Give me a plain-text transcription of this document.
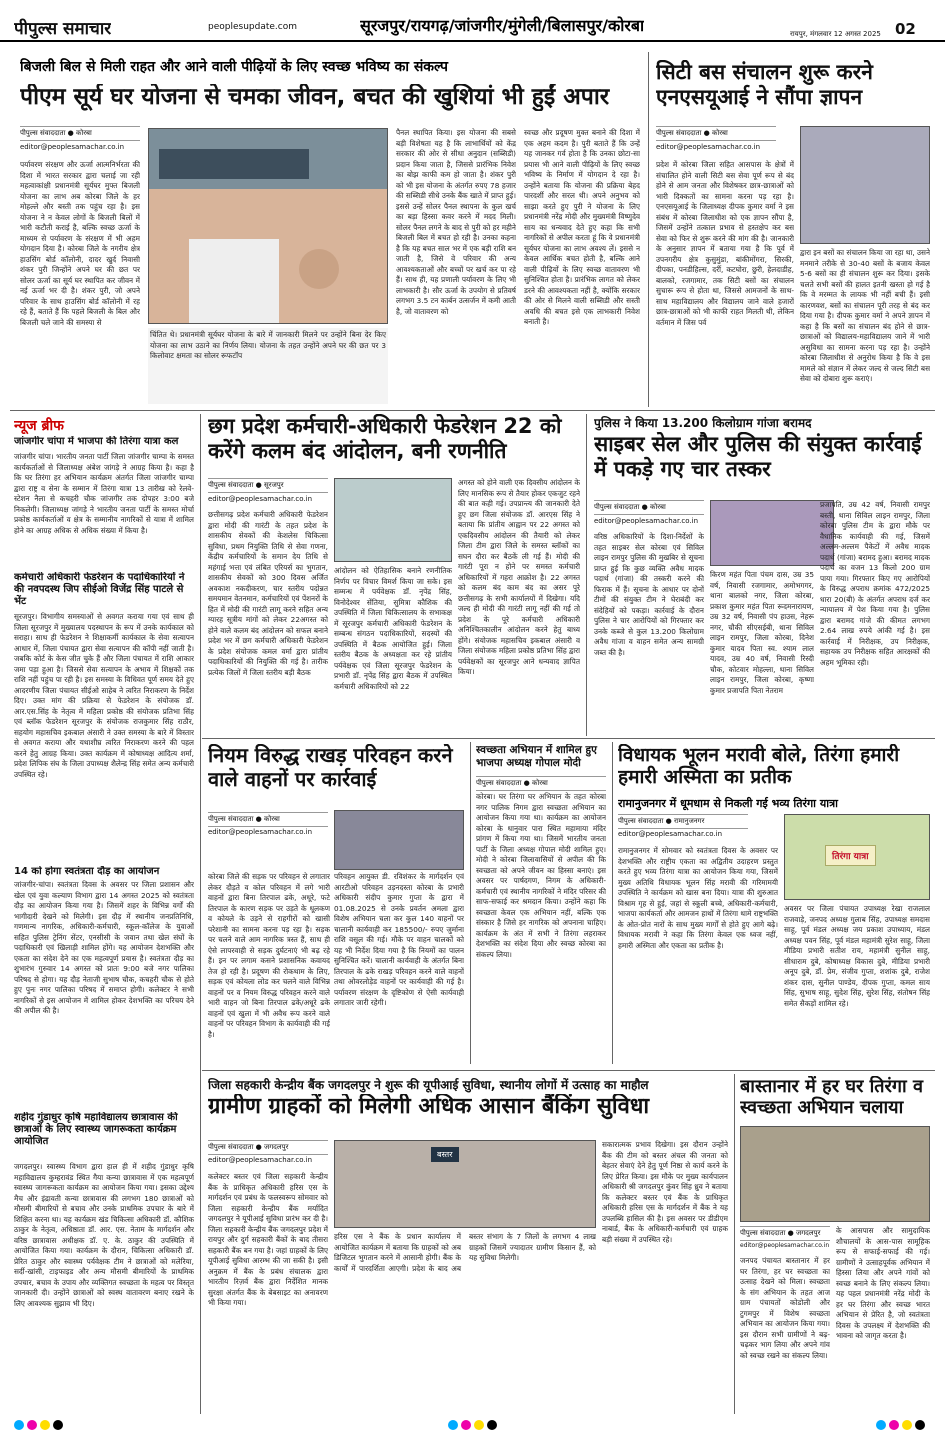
पीपुल्स समाचार	peoplesupdate.com	सूरजपुर/रायगढ़/जांजगीर/मुंगेली/बिलासपुर/कोरबा	रायपुर, मंगलवार 12 अगस्त 2025 02
बिजली बिल से मिली राहत और आने वाली पीढ़ियों के लिए स्वच्छ भविष्य का संकल्प
पीएम सूर्य घर योजना से चमका जीवन, बचत की खुशियां भी हुईं अपार
पीपुल्स संवाददाता ● कोरबा
editor@peoplesamachar.co.in
पर्यावरण संरक्षण और ऊर्जा आत्मनिर्भरता की दिशा में भारत सरकार द्वारा चलाई जा रही महत्वाकांक्षी प्रधानमंत्री सूर्यघर मुफ्त बिजली योजना का लाभ अब कोरबा जिले के हर मोहल्ले और बस्ती तक पहुंच रहा है। इस योजना ने न केवल लोगों के बिजली बिलों में भारी कटौती कराई है, बल्कि स्वच्छ ऊर्जा के माध्यम से पर्यावरण के संरक्षण में भी अहम योगदान दिया है। कोरबा जिले के नगरीय क्षेत्र हाउसिंग बोर्ड कॉलोनी, दादर खुर्द निवासी शंकर पुरी जिन्होंने अपने घर की छत पर सोलर ऊर्जा का सूर्य घर स्थापित कर जीवन में नई ऊर्जा भर दी है। शंकर पुरी, जो अपने परिवार के साथ हाउसिंग बोर्ड कॉलोनी में रह रहे हैं, बताते हैं कि पहले बिजली के बिल और बिजली चले जाने की समस्या से
चिंतित थे। प्रधानमंत्री सूर्यघर योजना के बारे में जानकारी मिलने पर उन्होंने बिना देर किए योजना का लाभ उठाने का निर्णय लिया। योजना के तहत उन्होंने अपने घर की छत पर 3 किलोवाट क्षमता का सोलर रूफटॉप
पैनल स्थापित किया। इस योजना की सबसे बड़ी विशेषता यह है कि लाभार्थियों को केंद्र सरकार की ओर से सीधा अनुदान (सब्सिडी) प्रदान किया जाता है, जिससे प्रारंभिक निवेश का बोझ काफी कम हो जाता है। शंकर पुरी को भी इस योजना के अंतर्गत रुपए 78 हजार की सब्सिडी सीधे उनके बैंक खाते में प्राप्त हुई। इससे उन्हें सोलर पैनल स्थापना के कुल खर्च का बड़ा हिस्सा कवर करने में मदद मिली। सोलर पैनल लगने के बाद से पुरी को हर महीने बिजली बिल में बचत हो रही है। उनका कहना है कि यह बचत साल भर में एक बड़ी राशि बन जाती है, जिसे वे परिवार की अन्य आवश्यकताओं और बच्चों पर खर्च कर पा रहे हैं। साथ ही, यह प्रणाली पर्यावरण के लिए भी लाभकारी है। सौर ऊर्जा के उपयोग से प्रतिवर्ष लगभग 3.5 टन कार्बन उत्सर्जन में कमी आती है, जो वातावरण को
स्वच्छ और प्रदूषण मुक्त बनाने की दिशा में एक अहम कदम है। पुरी बताते हैं कि उन्हें यह जानकर गर्व होता है कि उनका छोटा-सा प्रयास भी आने वाली पीढ़ियों के लिए स्वच्छ भविष्य के निर्माण में योगदान दे रहा है। उन्होंने बताया कि योजना की प्रक्रिया बेहद पारदर्शी और सरल थी। अपने अनुभव को साझा करते हुए पुरी ने योजना के लिए प्रधानमंत्री नरेंद्र मोदी और मुख्यमंत्री विष्णुदेव साय का धन्यवाद देते हुए कहा कि सभी नागरिकों से अपील करता हूं कि वे प्रधानमंत्री सूर्यघर योजना का लाभ अवश्य लें। इससे न केवल आर्थिक बचत होती है, बल्कि आने वाली पीढ़ियों के लिए स्वच्छ वातावरण भी सुनिश्चित होता है। प्रारंभिक लागत को लेकर डरने की आवश्यकता नहीं है, क्योंकि सरकार की ओर से मिलने वाली सब्सिडी और सस्ती अवधि की बचत इसे एक लाभकारी निवेश बनाती है।
सिटी बस संचालन शुरू करने एनएसयूआई ने सौंपा ज्ञापन
पीपुल्स संवाददाता ● कोरबा
editor@peoplesamachar.co.in
प्रदेश में कोरबा जिला सहित आसपास के क्षेत्रों में संचालित होने वाली सिटी बस सेवा पूर्ण रूप से बंद होने से आम जनता और विशेषकर छात्र-छात्राओं को भारी दिक्कतों का सामना करना पड़ रहा है। एनएसयूआई के जिलाध्यक्ष दीपक कुमार वर्मा ने इस संबंध में कोरबा जिलाधीश को एक ज्ञापन सौंपा है, जिसमें उन्होंने तत्काल प्रभाव से हस्तक्षेप कर बस सेवा को फिर से शुरू करने की मांग की है। जानकारी के अनुसार ज्ञापन में बताया गया है कि पूर्व में उपनगरीय क्षेत्र कुसुमुंडा, बांकीमोंगरा, सिरकी, दीपका, पनडीहिल्स, दर्री, कटघोरा, छुरी, हेलदाडीह, बालको, रजगामार, तक सिटी बसों का संचालन सुचारू रूप से होता था, जिससे आमजनों के साथ-साथ महाविद्यालय और विद्यालय जाने वाले हजारों छात्र-छात्राओं को भी काफी राहत मिलती थी, लेकिन वर्तमान में जिस पर्व
द्वारा इन बसों का संचालन किया जा रहा था, उसने मनमाने तरीके से 30-40 बसों के बजाय केवल 5-6 बसों का ही संचालन शुरू कर दिया। इसके चलते सभी बसों की हालत इतनी खस्ता हो गई है कि वे मरम्मत के लायक भी नहीं बची हैं। इसी कारणवश, बसों का संचालन पूरी तरह से बंद कर दिया गया है। दीपक कुमार वर्मा ने अपने ज्ञापन में कहा है कि बसों का संचालन बंद होने से छात्र-छात्राओं को विद्यालय-महाविद्यालय जाने में भारी असुविधा का सामना करना पड़ रहा है। उन्होंने कोरबा जिलाधीश से अनुरोध किया है कि वे इस मामले को संज्ञान में लेकर जल्द से जल्द सिटी बस सेवा को दोबारा शुरू कराएं।
न्यूज ब्रीफ
जांजगीर चांपा में भाजपा की तिरंगा यात्रा कल
जांजगीर चांपा। भारतीय जनता पार्टी जिला जांजगीर चाम्पा के समस्त कार्यकर्ताओं से जिलाध्यक्ष अंबेश जांगड़े ने आग्रह किया है। कहा है कि घर तिरंगा हर अभियान कार्यक्रम अंतर्गत जिला जांजगीर चाम्पा द्वारा राष्ट्र व सेना के सम्मान में तिरंगा यात्रा 13 तारीख को रेलवे-स्टेशन नैला से कचहरी चौक जांजगीर तक दोपहर 3:00 बजे निकलेगी। जिलाध्यक्ष जांगड़े ने भारतीय जनता पार्टी के समस्त मोर्चा प्रकोष्ठ कार्यकर्ताओं व क्षेत्र के सम्मानीय नागरिकों से यात्रा में शामिल होने का आग्रह अधिक से अधिक संख्या में किया है।
कर्मचारी अधिकारी फेडरेशन के पदाधिकारियों ने की नवपदस्थ जिप सीईओ विजेंद्र सिंह पाटले से भेंट
सूरजपुर। विभागीय समस्याओं से अवगत कराया गया एवं साथ ही जिला सूरजपुर में मुख्यालय पदस्थापन के रूप में उनके कार्यकाल को सराहा। साथ ही फेडरेशन ने शिक्षाकर्मी कार्यकाल के सेवा सत्यापन आधार में, जिला पंचायत द्वारा सेवा सत्यापन की कॉपी नहीं जाती है। जबकि कोर्ट के केस जीत चुके हैं और जिला पंचायत में राशि आकार जमा पड़ा हुआ है। जिससे सेवा सत्यापन के अभाव में शिक्षकों तक राशि नहीं पहुंच पा रही है। इस समस्या के विधिवत पूर्ण समय देते हुए आदरणीय जिला पंचायत सीईओ साहेब ने त्वरित निराकरण के निर्देश दिए। उक्त मांग की प्रक्रिया से फेडरेशन के संयोजक डॉ. आर.एस.सिंह के नेतृत्व में महिला प्रकोष्ठ की संयोजक प्रतिभा सिंह एवं ब्लॉक फेडरेशन सूरजपुर के संयोजक राजकुमार सिंह राठौर, सहयोग महासचिव इकबाल अंसारी ने उक्त समस्या के बारे में विस्तार से अवगत कराया और यथाशीघ्र त्वरित निराकरण करने की पहल करने हेतु आग्रह किया। उक्त कार्यक्रम में कोषाध्यक्ष आदित्य शर्मा, प्रदेश लिपिक संघ के जिला उपाध्यक्ष शैलेन्द्र सिंह समेत अन्य कर्मचारी उपस्थित रहे।
14 को होगा स्वतंत्रता दौड़ का आयोजन
जांजगीर-चांपा। स्वतंत्रता दिवस के अवसर पर जिला प्रशासन और खेल एवं युवा कल्याण विभाग द्वारा 14 अगस्त 2025 को स्वतंत्रता दौड़ का आयोजन किया गया है। जिसमें शहर के विभिन्न वर्गों की भागीदारी देखने को मिलेगी। इस दौड़ में स्थानीय जनप्रतिनिधि, गणमान्य नागरिक, अधिकारी-कर्मचारी, स्कूल-कॉलेज के युवाओं सहित पुलिस ट्रेनिंग सेंटर, एनसीसी के जवान तथा खेल संघों के पदाधिकारी एवं खिलाड़ी शामिल होंगे। यह आयोजन देशभक्ति और एकता का संदेश देने का एक महत्वपूर्ण प्रयास है। स्वतंत्रता दौड़ का शुभारंभ गुरुवार 14 अगस्त को प्रातः 9:00 बजे नगर पालिका परिषद से होगा। यह दौड़ नेताजी सुभाष चौक, कचहरी चौक से होते हुए पुनः नगर पालिका परिषद में समाप्त होगी। कलेक्टर ने सभी नागरिकों से इस आयोजन में शामिल होकर देशभक्ति का परिचय देने की अपील की है।
शहीद गुंडाधुर कृषि महाविद्यालय छात्रावास की छात्राओं के लिए स्वास्थ्य जागरूकता कार्यक्रम आयोजित
जगदलपुर। स्वास्थ्य विभाग द्वारा हाल ही में शहीद गुंडाधुर कृषि महाविद्यालय कुम्हरावंड स्थित गैया कन्या छात्रावास में एक महत्वपूर्ण स्वास्थ्य जागरूकता कार्यक्रम का आयोजन किया गया। इसका उद्देश्य मैच और इंद्रावती कन्या छात्रावास की लगभग 180 छात्राओं को मौसमी बीमारियों से बचाव और उनके प्राथमिक उपचार के बारे में शिक्षित करना था। यह कार्यक्रम खंड चिकित्सा अधिकारी डॉ. कौशिक ठाकुर के नेतृत्व, अधिष्ठाता डॉ. आर. एस. नेताम के मार्गदर्शन और वरिष्ठ छात्रावास अधीक्षक डॉ. ए. के. ठाकुर की उपस्थिति में आयोजित किया गया। कार्यक्रम के दौरान, चिकित्सा अधिकारी डॉ. प्रेरित ठाकुर और स्वास्थ्य पर्यवेक्षक टीम ने छात्राओं को मलेरिया, सर्दी-खांसी, टाइफाइड और अन्य मौसमी बीमारियों के प्राथमिक उपचार, बचाव के उपाय और व्यक्तिगत स्वच्छता के महत्व पर विस्तृत जानकारी दी। उन्होंने छात्राओं को स्वस्थ वातावरण बनाए रखने के लिए आवश्यक सुझाव भी दिए।
छग प्रदेश कर्मचारी-अधिकारी फेडरेशन 22 को करेंगे कलम बंद आंदोलन, बनी रणनीति
पीपुल्स संवाददाता ● सूरजपुर
editor@peoplesamachar.co.in
छत्तीसगढ़ प्रदेश कर्मचारी अधिकारी फेडरेशन द्वारा मोदी की गारंटी के तहत प्रदेश के शासकीय सेवकों की केशलेस चिकित्सा सुविधा, प्रथम नियुक्ति तिथि से सेवा गणना, केंद्रीय कर्मचारियों के समान देय तिथि से महंगाई भत्ता एवं लंबित एरियर्स का भुगतान, शासकीय सेवकों को 300 दिवस अर्जित अवकाश नकदीकरण, चार स्तरीय पदोन्नत समयमान वेतनमान, कर्मचारियों एवं पेंशनरों के हित में मोदी की गारंटी लागू करने सहित अन्य ग्यारह सूत्रीय मांगों को लेकर 22अगस्त को होने वाले कलम बंद आंदोलन को सफल बनाने प्रदेश भर में छग कर्मचारी अधिकारी फेडरेशन के प्रदेश संयोजक कमल वर्मा द्वारा प्रांतीय पदाधिकारियों की नियुक्ति की गई है। तारीक प्रत्येक जिलों में जिला स्तरीय बड़ी बैठक
आंदोलन को ऐतिहासिक बनाने रणनीतिक निर्णय पर विचार विमर्श किया जा सके। इस सम्मन्ध में पर्यवेक्षक डॉ. नृपेंद्र सिंह, विनोदेश्वर सेंतिया, सुमित्रा कौशिक की उपस्थिति में जिला चिकित्सालय के सभाकक्ष में सूरजपुर कर्मचारी अधिकारी फेडरेशन के सम्बन्ध संगठन पदाधिकारियों, सदस्यों की उपस्थिति में बैठक आयोजित हुई। जिला स्तरीय बैठक के अध्यक्षता कर रहे प्रांतीय पर्यवेक्षक एवं जिला सूरजपुर फेडरेशन के प्रभारी डॉ. नृपेंद्र सिंह द्वारा बैठक में उपस्थित कर्मचारी अधिकारियों को 22
अगस्त को होने वाली एक दिवसीय आंदोलन के लिए मानसिक रूप से तैयार होकर एकजुट रहने की बात कही गई। उपप्रान्त्य की जानकारी देते हुए छग जिला संयोजक डॉ. आरएस सिंह ने बताया कि प्रांतीय आह्वान पर 22 अगस्त को एकदिवसीय आंदोलन की तैयारी को लेकर जिला टीम द्वारा जिले के समस्त ब्लॉकों का सघन दौरा कर बैठकें ली गई हैं। मोदी की गारंटी पूरा न होने पर समस्त कर्मचारी अधिकारियों में गहरा आक्रोश है। 22 अगस्त को कलम बंद काम बंद का असर पूरे छत्तीसगढ़ के सभी कार्यालयों में दिखेगा। यदि जल्द ही मोदी की गारंटी लागू नहीं की गई तो प्रदेश के पूरे कर्मचारी अधिकारी अनिश्चितकालीन आंदोलन करने हेतु बाध्य होंगे। संयोजक महासचिव इकबाल अंसारी व जिला संयोजक महिला प्रकोष्ठ प्रतिभा सिंह द्वारा पर्यवेक्षकों का सूरजपुर आने धन्यवाद ज्ञापित किया।
पुलिस ने किया 13.200 किलोग्राम गांजा बरामद
साइबर सेल और पुलिस की संयुक्त कार्रवाई में पकड़े गए चार तस्कर
पीपुल्स संवाददाता ● कोरबा
editor@peoplesamachar.co.in
वरिष्ठ अधिकारियों के दिशा-निर्देशों के तहत साइबर सेल कोरबा एवं सिविल लाइन रामपुर पुलिस की मुखबिर से सूचना प्राप्त हुई कि कुछ व्यक्ति अवैध मादक पदार्थ (गांजा) की तस्करी करने की फिराक में हैं। सूचना के आधार पर दोनों टीमों की संयुक्त टीम ने घेराबंदी कर संदेहियों को पकड़ा। कार्रवाई के दौरान पुलिस ने चार आरोपियों को गिरफ्तार कर उनके कब्जे से कुल 13.200 किलोग्राम अवैध गांजा व वाहन समेत अन्य सामग्री जब्त की है।
किरण महंत पिता पंचम दास, उम्र 35 वर्ष, निवासी रजगामार, अमोभगगर, थाना बालको नगर, जिला कोरबा, प्रकाश कुमार महंत पिता रूदमनारायण, उम्र 32 वर्ष, निवासी पंप हाउस, नेहरू नगर, चौकी सीएसईबी, थाना सिविल लाइन रामपुर, जिला कोरबा, दिनेश कुमार यादव पिता स्व. श्याम लाल यादव, उम्र 40 वर्ष, निवासी रिस्दी चौक, कोटवार मोहल्ला, थाना सिविल लाइन रामपुर, जिला कोरबा, कृष्णा कुमार प्रजापति पिता नेतराम
प्रजापति, उम्र 42 वर्ष, निवासी रामपुर बस्ती, थाना सिविल लाइन रामपुर, जिला कोरबा पुलिस टीम के द्वारा मौके पर वैधानिक कार्यवाही की गई, जिसमें अल्लम-अल्लम पैकेटों में अवैध मादक पदार्थ (गांजा) बरामद हुआ। बरामद मादक पदार्थ का वजन 13 किलो 200 ग्राम पाया गया। गिरफ्तार किए गए आरोपियों के विरुद्ध अपराध क्रमांक 472/2025 धारा 20(बी) के अंतर्गत अपराध दर्ज कर न्यायालय में पेश किया गया है। पुलिस द्वारा बरामद गांजे की कीमत लगभग 2.64 लाख रुपये आंकी गई है। इस कार्रवाई में निरीक्षक, उप निरीक्षक, सहायक उप निरीक्षक सहित आरक्षकों की अहम भूमिका रही।
नियम विरुद्ध राखड़ परिवहन करने वाले वाहनों पर कार्रवाई
पीपुल्स संवाददाता ● कोरबा
editor@peoplesamachar.co.in
कोरबा जिले की सड़क पर परिवहन से लगातार लेकर दौड़ते व कोल परिवहन में लगे भारी वाहनों द्वारा बिना तिरपाल ढके, अधूरे, फटे तिरपाल के कारण सड़क पर उड़ते के धूलकण व कोयले के उड़ने से राहगीरों को खासी परेशानी का सामना करना पड़ रहा है। सड़क पर चलने वाले आम नागरिक त्रस्त हैं, साथ ही ऐसे लापरवाही से सड़क दुर्घटनाएं भी बढ़ रहे हैं। इन पर लगाम कसने प्रशासनिक कवायद तेज हो रही है। प्रदूषण की रोकथाम के लिए, सड़क एवं कोयला लोड कर चलने वाले विभिन्न वाहनों पर व नियम विरुद्ध परिवहन करने वाले भारी वाहन जो बिना तिरपाल ढके/अधूरे ढके वाहनों एवं खुला में भी अवैध रूप करने वाले वाहनों पर परिवहन विभाग के कार्यवाही की गई है।
परिवहन आयुक्त डी. रविशंकर के मार्गदर्शन एवं आरटीओ परिवहन उड़नदस्ता कोरबा के प्रभारी अधिकारी संदीप कुमार गुप्ता के द्वारा में 01.08.2025 से उनके प्रवर्तन अमला द्वारा विशेष अभियान चला कर कुल 140 वाहनों पर चालानी कार्यवाही कर 185500/- रुपए जुर्माना राशि वसूल की गई। मौके पर वाहन चालकों को यह भी निर्देश दिया गया है कि नियमों का पालन सुनिश्चित करें। चालानी कार्यवाही के अंतर्गत बिना तिरपाल के ढके राखड़ परिवहन करने वाले वाहनों तथा ओवरलोड़ेड वाहनों पर कार्यवाही की गई है। पर्यावरण संरक्षण के दृष्टिकोण से ऐसी कार्यवाही लगातार जारी रहेगी।
स्वच्छता अभियान में शामिल हुए भाजपा अध्यक्ष गोपाल मोदी
पीपुल्स संवाददाता ● कोरबा
कोरबा। घर तिरंगा घर अभियान के तहत कोरबा नगर पालिक निगम द्वारा स्वच्छता अभियान का आयोजन किया गया था। कार्यक्रम का आयोजन कोरबा के धानुवार पारा स्थित महामाया मंदिर प्रांगण में किया गया था। जिसमें भारतीय जनता पार्टी के जिला अध्यक्ष गोपाल मोदी शामिल हुए। मोदी ने कोरबा जिलावासियों से अपील की कि स्वच्छता को अपने जीवन का हिस्सा बनाएं। इस अवसर पर पार्षदगण, निगम के अधिकारी-कर्मचारी एवं स्थानीय नागरिकों ने मंदिर परिसर की साफ-सफाई कर श्रमदान किया। उन्होंने कहा कि स्वच्छता केवल एक अभियान नहीं, बल्कि एक संस्कार है जिसे हर नागरिक को अपनाना चाहिए। कार्यक्रम के अंत में सभी ने तिरंगा लहराकर देशभक्ति का संदेश दिया और स्वच्छ कोरबा का संकल्प लिया।
विधायक भूलन मरावी बोले, तिरंगा हमारी हमारी अस्मिता का प्रतीक
रामानुजनगर में धूमधाम से निकली गई भव्य तिरंगा यात्रा
पीपुल्स संवाददाता ● रामानुजनगर
editor@peoplesamachar.co.in
रामानुजनगर में सोमवार को स्वतंत्रता दिवस के अवसर पर देशभक्ति और राष्ट्रीय एकता का अद्वितीय उदाहरण प्रस्तुत करते हुए भव्य तिरंगा यात्रा का आयोजन किया गया, जिसमें मुख्य अतिथि विधायक भूलन सिंह मरावी की गरिमामयी उपस्थिति ने कार्यक्रम को खास बना दिया। यात्रा की शुरुआत विश्राम गृह से हुई, जहां से स्कूली बच्चे, अधिकारी-कर्मचारी, भाजपा कार्यकर्ता और आमजन हाथों में तिरंगा थामे राष्ट्रभक्ति के ओत-प्रोत नारों के साथ मुख्य मार्गों से होते हुए आगे बढ़े। विधायक मरावी ने कहा कि तिरंगा केवल एक ध्वज नहीं, हमारी अस्मिता और एकता का प्रतीक है।
तिरंगा यात्रा
अवसर पर जिला पंचायत उपाध्यक्ष रेखा राजलाल राजवाड़े, जनपद अध्यक्ष गुलाब सिंह, उपाध्यक्ष समदास साहू, पूर्व मंडल अध्यक्ष जय प्रकाश उपाध्याय, मंडल अध्यक्ष पवन सिंह, पूर्व मंडल महामंत्री सुरेश साहू, जिला मीडिया प्रभारी सतीश राय, महामंत्री सुनील साहू, सीधाराम दुबे, कोषाध्यक्ष विकास दुबे, मीडिया प्रभारी अनूप दुबे, डॉ. प्रेम, संजीव गुप्ता, शशांक दुबे, राजेश शंकर दास, सुनील पाण्डेय, दीपक गुप्ता, कमल साय सिंह, सुभाष साहू, सुदेश सिंह, सुरेश सिंह, संतोषन सिंह समेत सैकड़ों शामिल रहे।
जिला सहकारी केन्द्रीय बैंक जगदलपुर ने शुरू की यूपीआई सुविधा, स्थानीय लोगों में उत्साह का माहौल
ग्रामीण ग्राहकों को मिलेगी अधिक आसान बैंकिंग सुविधा
पीपुल्स संवाददाता ● जगदलपुर
editor@peoplesamachar.co.in
बस्तर
कलेक्टर बस्तर एवं जिला सहकारी केन्द्रीय बैंक के प्राधिकृत अधिकारी हरिस एस के मार्गदर्शन एवं प्रबंध के फलस्वरूप सोमवार को जिला सहकारी केन्द्रीय बैंक मर्यादित जगदलपुर ने यूपीआई सुविधा प्रारंभ कर दी है। जिला सहकारी केन्द्रीय बैंक जगदलपुर प्रदेश में रायपुर और दुर्ग सहकारी बैंकों के बाद तीसरा सहकारी बैंक बन गया है। जहां ग्राहकों के लिए यूपीआई सुविधा आरम्भ की जा सकी है। इसी अनुक्रम में बैंक के प्रबंध संचालक द्वारा भारतीय रिज़र्व बैंक द्वारा निर्देशित मानक सुरक्षा अंतर्गत बैंक के बेबसाइट का अनावरण भी किया गया।
हरिस एस ने बैंक के प्रधान कार्यालय में आयोजित कार्यक्रम में बताया कि ग्राहकों को अब डिजिटल भुगतान करने में आसानी होगी। बैंक के कार्यों में पारदर्शिता आएगी। प्रदेश के बाद अब बस्तर संभाग के 7 जिलों के लगभग 4 लाख ग्राहकों जिसमें ज्यादातर ग्रामीण किसान हैं, को यह सुविधा मिलेगी।
सकारात्मक प्रभाव दिखेगा। इस दौरान उन्होंने बैंक की टीम को बस्तर अंचल की जनता को बेहतर सेवाएं देने हेतु पूर्ण निष्ठा से कार्य करने के लिए प्रेरित किया। इस मौके पर मुख्य कार्यपालन अधिकारी श्री जगदलपुर कुंवर सिंह ध्रुव ने बताया कि कलेक्टर बस्तर एवं बैंक के प्राधिकृत अधिकारी हरिस एस के मार्गदर्शन में बैंक ने यह उपलब्धि हासिल की है। इस अवसर पर डीडीएम नाबार्ड, बैंक के अधिकारी-कर्मचारी एवं ग्राहक बड़ी संख्या में उपस्थित रहे।
बास्तानार में हर घर तिरंगा व स्वच्छता अभियान चलाया
पीपुल्स संवाददाता ● जगदलपुर
editor@peoplesamachar.co.in
जनपद पंचायत बास्तानार में हर घर तिरंगा, हर घर स्वच्छता का उत्साह देखने को मिला। स्वच्छता के संग अभियान के तहत आज ग्राम पंचायतों कोडोली और टुगमपुर में विशेष स्वच्छता अभियान का आयोजन किया गया। इस दौरान सभी ग्रामीणों ने बढ़-चढ़कर भाग लिया और अपने गांव को स्वच्छ रखने का संकल्प लिया।
के आसपास और सामुदायिक शौचालयों के आस-पास सामूहिक रूप से सफाई-सफाई की गई। ग्रामीणों ने उत्साहपूर्वक अभियान में हिस्सा लिया और अपने गांवों को स्वच्छ बनाने के लिए संकल्प लिया। यह पहल प्रधानमंत्री नरेंद्र मोदी के हर घर तिरंगा और स्वच्छ भारत अभियान से प्रेरित है, जो स्वतंत्रता दिवस के उपलक्ष्य में देशभक्ति की भावना को जागृत करता है।
